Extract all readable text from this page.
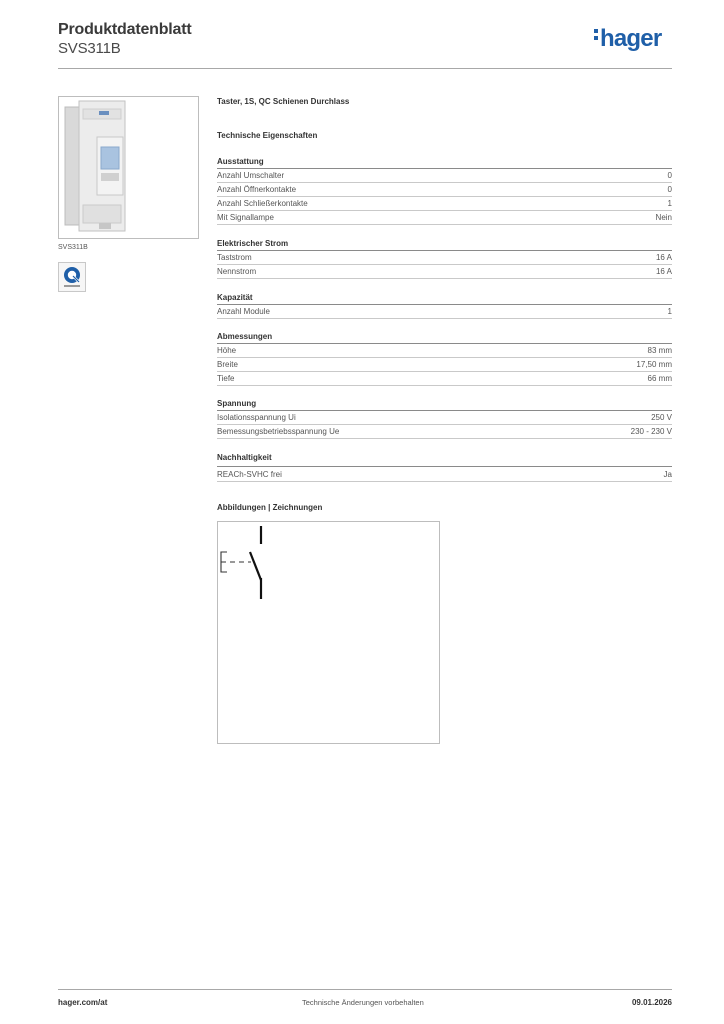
Produktdatenblatt
SVS311B	hager
SVS311B
Taster, 1S, QC Schienen Durchlass
Technische Eigenschaften
Ausstattung
Anzahl Umschalter	0
Anzahl Öffnerkontakte	0
Anzahl Schließerkontakte	1
Mit Signallampe	Nein
Elektrischer Strom
Taststrom	16 A
Nennstrom	16 A
Kapazität
Anzahl Module	1
Abmessungen
Höhe	83 mm
Breite	17,50 mm
Tiefe	66 mm
Spannung
Isolationsspannung Ui	250 V
Bemessungsbetriebsspannung Ue	230 - 230 V
Nachhaltigkeit
REACh-SVHC frei	Ja
Abbildungen | Zeichnungen
hager.com/at	Technische Änderungen vorbehalten	09.01.2026
